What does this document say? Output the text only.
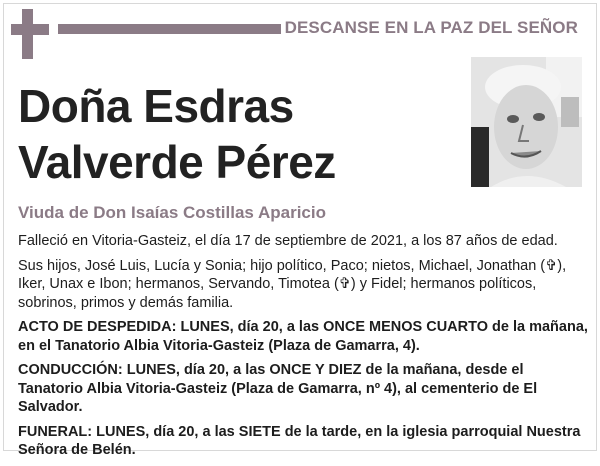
DESCANSE EN LA PAZ DEL SEÑOR
Doña Esdras
Valverde Pérez
Viuda de Don Isaías Costillas Aparicio

Falleció en Vitoria-Gasteiz, el día 17 de septiembre de 2021, a los 87 años de edad.

Sus hijos, José Luis, Lucía y Sonia; hijo político, Paco; nietos, Michael, Jonathan (✞), Iker, Unax e Ibon; hermanos, Servando, Timotea (✞) y Fidel; hermanos políticos, sobrinos, primos y demás familia.

ACTO DE DESPEDIDA: LUNES, día 20, a las ONCE MENOS CUARTO de la mañana, en el Tanatorio Albia Vitoria-Gasteiz (Plaza de Gamarra, 4).

CONDUCCIÓN: LUNES, día 20, a las ONCE Y DIEZ de la mañana, desde el Tanatorio Albia Vitoria-Gasteiz (Plaza de Gamarra, nº 4), al cementerio de El Salvador.

FUNERAL: LUNES, día 20, a las SIETE de la tarde, en la iglesia parroquial Nuestra Señora de Belén.
